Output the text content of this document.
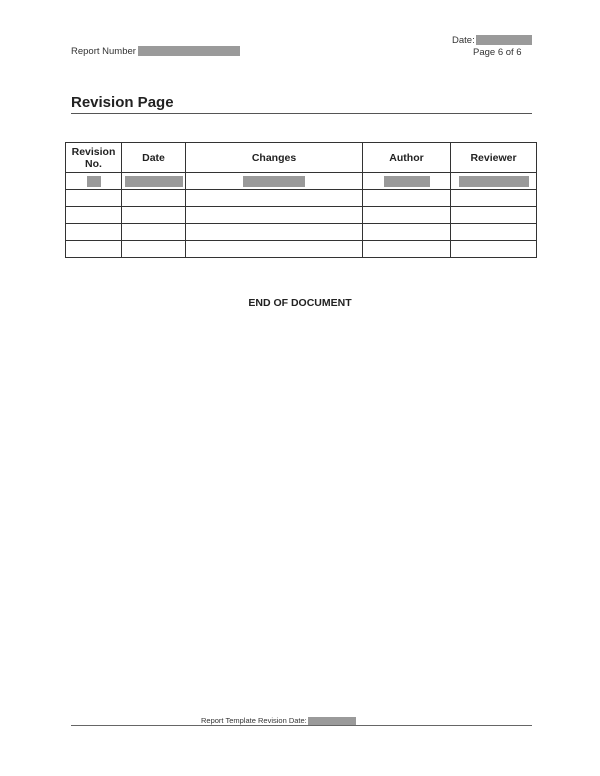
Report Number
Date:
Page 6 of 6
Revision Page
Revision No.	Date	Changes	Author	Reviewer

END OF DOCUMENT
Report Template Revision Date:
